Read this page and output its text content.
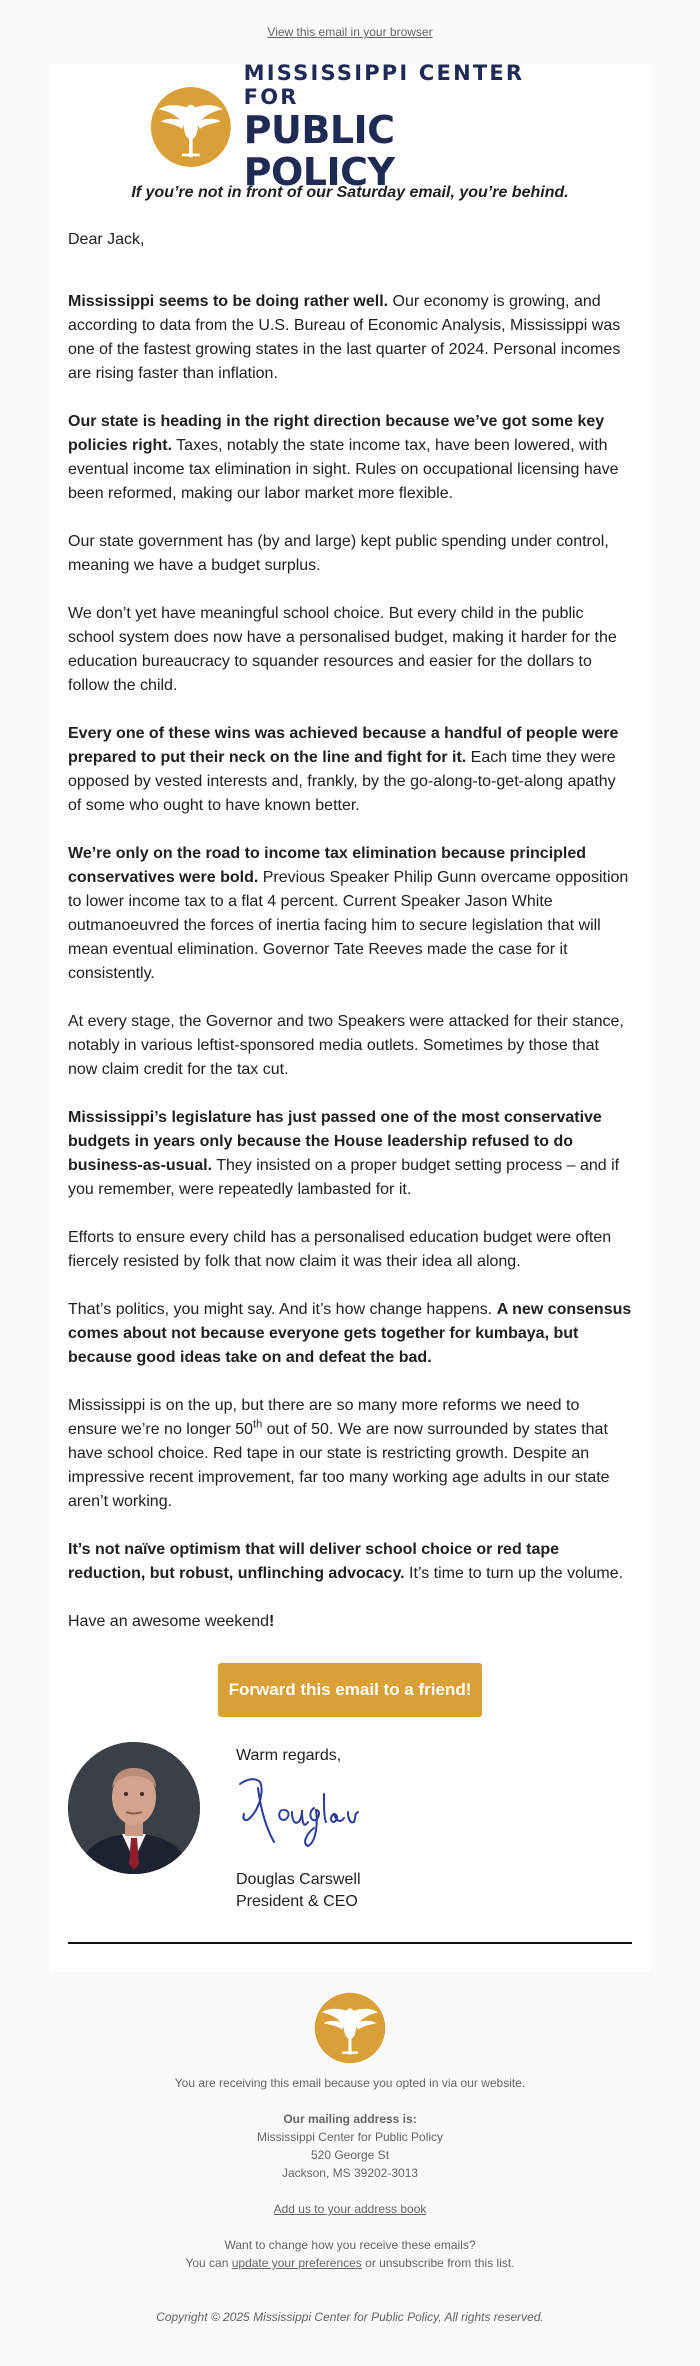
View this email in your browser
MISSISSIPPI CENTER FOR
PUBLIC POLICY
If you’re not in front of our Saturday email, you’re behind.

Dear Jack,

Mississippi seems to be doing rather well. Our economy is growing, and according to data from the U.S. Bureau of Economic Analysis, Mississippi was one of the fastest growing states in the last quarter of 2024. Personal incomes are rising faster than inflation.

Our state is heading in the right direction because we’ve got some key policies right. Taxes, notably the state income tax, have been lowered, with eventual income tax elimination in sight. Rules on occupational licensing have been reformed, making our labor market more flexible.

Our state government has (by and large) kept public spending under control, meaning we have a budget surplus.

We don’t yet have meaningful school choice. But every child in the public school system does now have a personalised budget, making it harder for the education bureaucracy to squander resources and easier for the dollars to follow the child.

Every one of these wins was achieved because a handful of people were prepared to put their neck on the line and fight for it. Each time they were opposed by vested interests and, frankly, by the go-along-to-get-along apathy of some who ought to have known better.

We’re only on the road to income tax elimination because principled conservatives were bold. Previous Speaker Philip Gunn overcame opposition to lower income tax to a flat 4 percent. Current Speaker Jason White outmanoeuvred the forces of inertia facing him to secure legislation that will mean eventual elimination. Governor Tate Reeves made the case for it consistently.

At every stage, the Governor and two Speakers were attacked for their stance, notably in various leftist-sponsored media outlets. Sometimes by those that now claim credit for the tax cut.

Mississippi’s legislature has just passed one of the most conservative budgets in years only because the House leadership refused to do business-as-usual. They insisted on a proper budget setting process – and if you remember, were repeatedly lambasted for it.

Efforts to ensure every child has a personalised education budget were often fiercely resisted by folk that now claim it was their idea all along.

That’s politics, you might say. And it’s how change happens. A new consensus comes about not because everyone gets together for kumbaya, but because good ideas take on and defeat the bad.

Mississippi is on the up, but there are so many more reforms we need to ensure we’re no longer 50th out of 50. We are now surrounded by states that have school choice. Red tape in our state is restricting growth. Despite an impressive recent improvement, far too many working age adults in our state aren’t working.

It’s not naïve optimism that will deliver school choice or red tape reduction, but robust, unflinching advocacy. It’s time to turn up the volume.

Have an awesome weekend!

Forward this email to a friend!
Warm regards,
Douglas Carswell
President & CEO
You are receiving this email because you opted in via our website.
Our mailing address is:
Mississippi Center for Public Policy
520 George St
Jackson, MS 39202-3013
Add us to your address book
Want to change how you receive these emails?
You can update your preferences or unsubscribe from this list.
Copyright © 2025 Mississippi Center for Public Policy, All rights reserved.
